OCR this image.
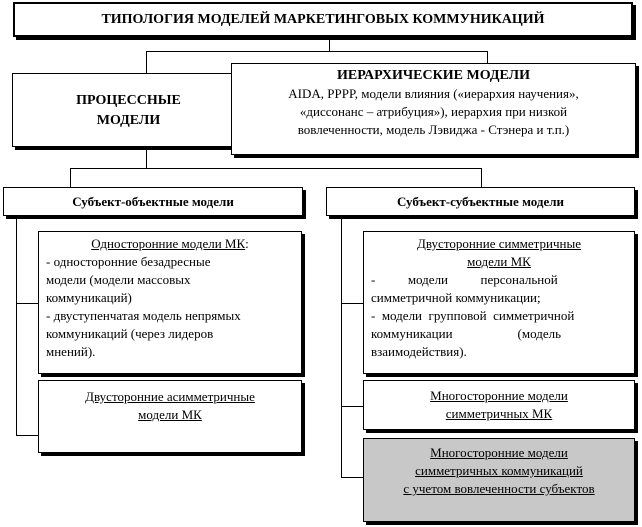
ТИПОЛОГИЯ МОДЕЛЕЙ МАРКЕТИНГОВЫХ КОММУНИКАЦИЙ
ПРОЦЕССНЫЕ
МОДЕЛИ
ИЕРАРХИЧЕСКИЕ МОДЕЛИ
AIDA, PPPP, модели влияния («иерархия научения»,
«диссонанс – атрибуция»), иерархия при низкой
вовлеченности, модель Лэвиджа - Стэнера и т.п.)
Субъект-объектные модели	Субъект-субъектные модели
Односторонние модели МК:
- односторонние безадресные
модели (модели массовых
коммуникаций)
- двуступенчатая модель непрямых
коммуникаций (через лидеров
мнений).
Двусторонние асимметричные
модели МК
Двусторонние симметричные
модели МК
-          модели          персональной
симметричной коммуникации;
-  модели  групповой  симметричной
коммуникации                    (модель
взаимодействия).
Многосторонние модели
симметричных МК
Многосторонние модели
симметричных коммуникаций
с учетом вовлеченности субъектов
